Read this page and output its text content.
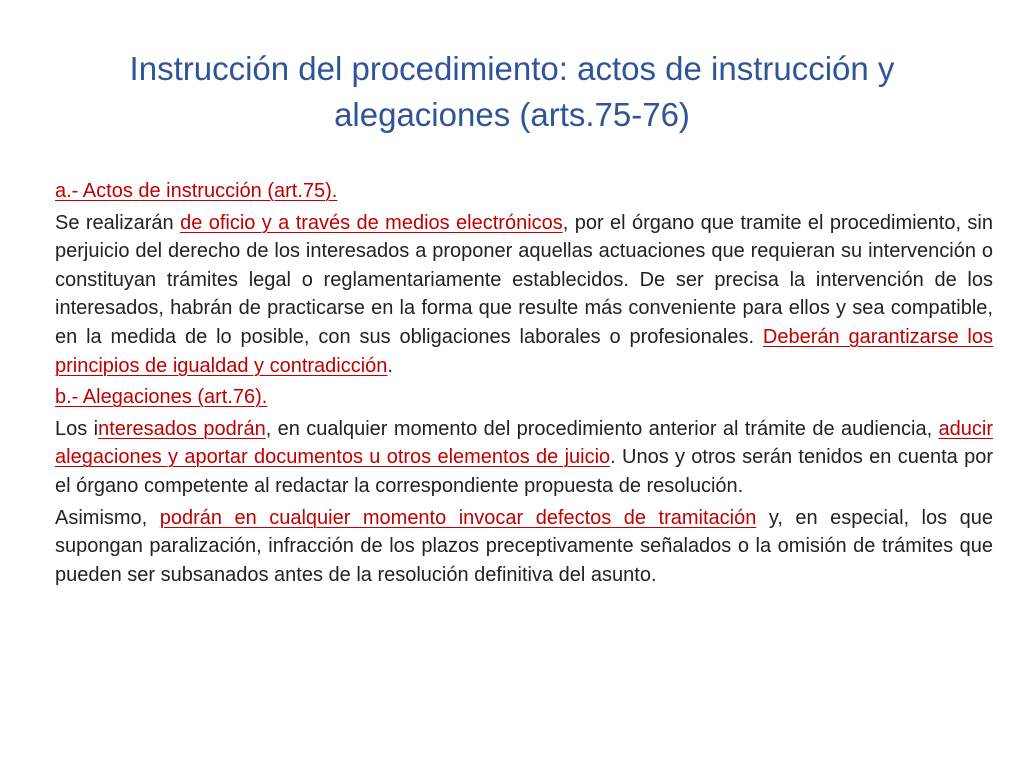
Instrucción del procedimiento: actos de instrucción y
alegaciones (arts.75-76)

a.- Actos de instrucción (art.75).

Se realizarán de oficio y a través de medios electrónicos, por el órgano que tramite el procedimiento, sin perjuicio del derecho de los interesados a proponer aquellas actuaciones que requieran su intervención o constituyan trámites legal o reglamentariamente establecidos. De ser precisa la intervención de los interesados, habrán de practicarse en la forma que resulte más conveniente para ellos y sea compatible, en la medida de lo posible, con sus obligaciones laborales o profesionales. Deberán garantizarse los principios de igualdad y contradicción.

b.- Alegaciones (art.76).

Los interesados podrán, en cualquier momento del procedimiento anterior al trámite de audiencia, aducir alegaciones y aportar documentos u otros elementos de juicio. Unos y otros serán tenidos en cuenta por el órgano competente al redactar la correspondiente propuesta de resolución.

Asimismo, podrán en cualquier momento invocar defectos de tramitación y, en especial, los que supongan paralización, infracción de los plazos preceptivamente señalados o la omisión de trámites que pueden ser subsanados antes de la resolución definitiva del asunto.
